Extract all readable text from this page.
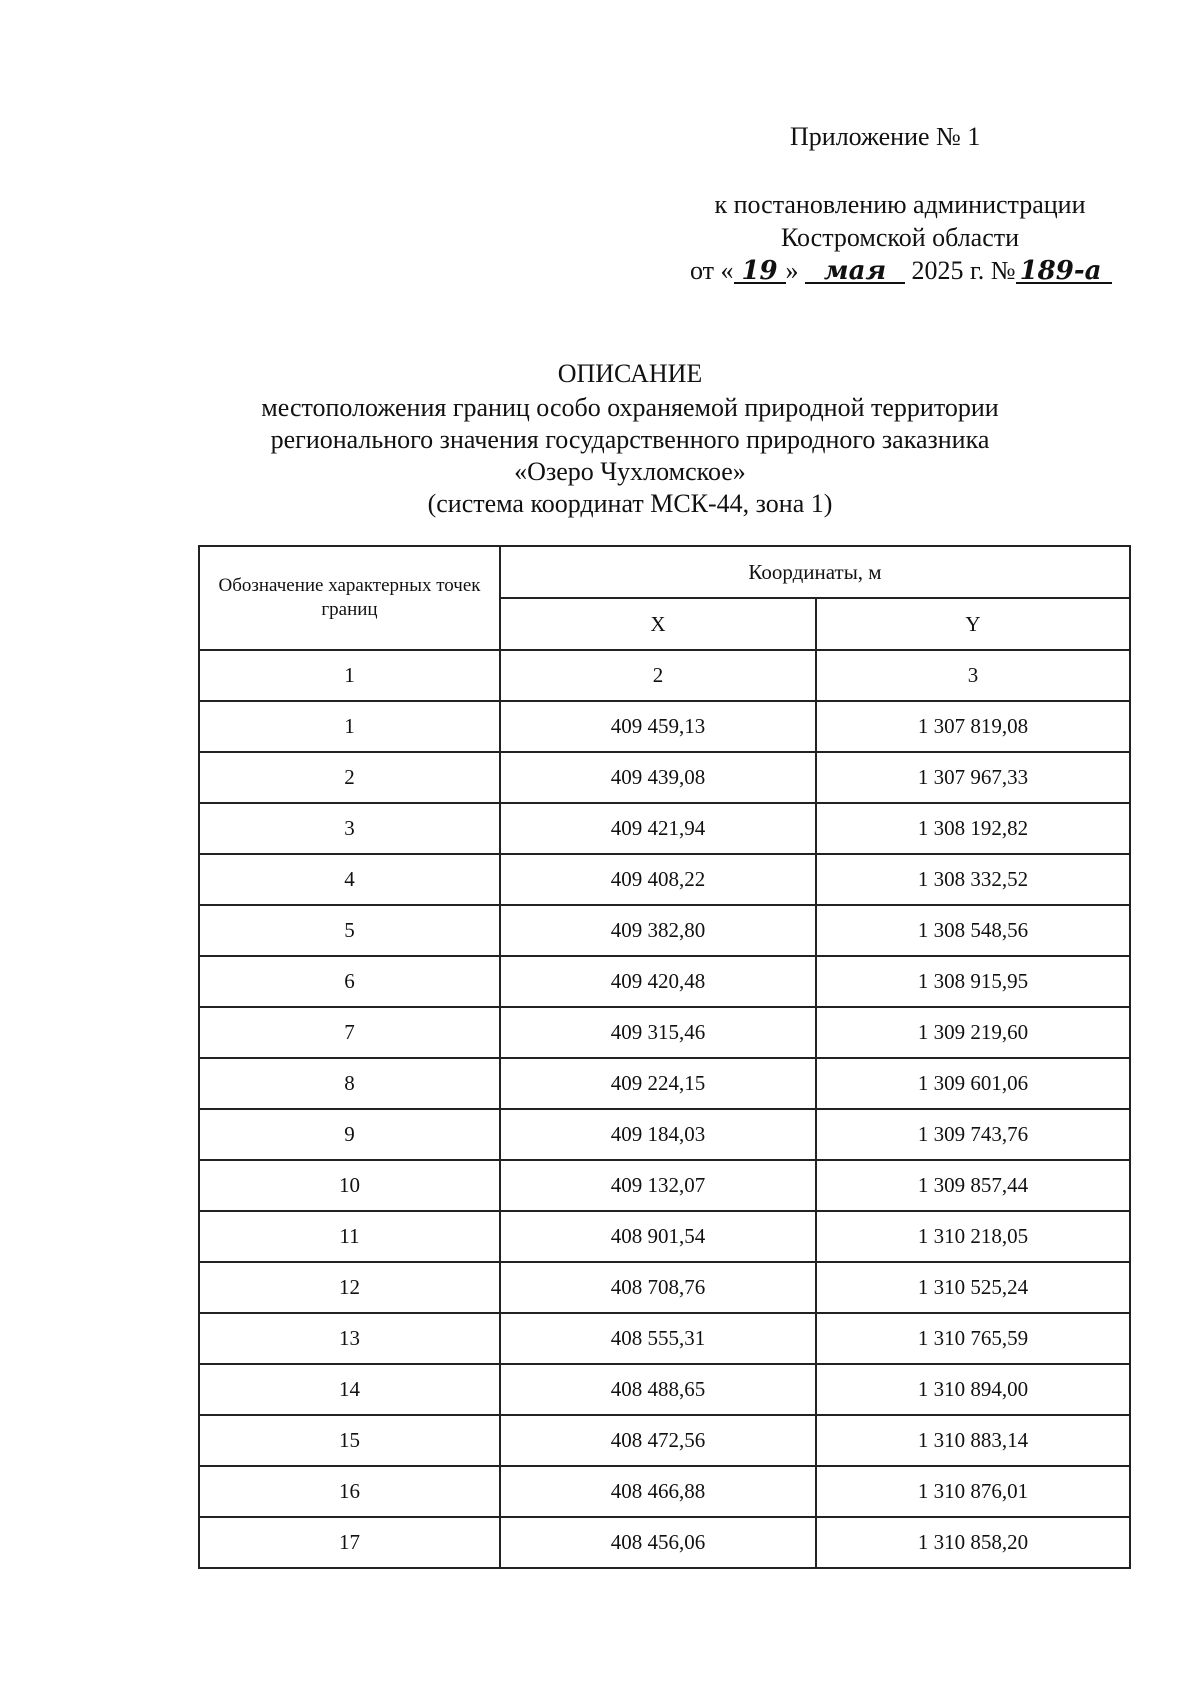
Приложение № 1
к постановлению администрации
Костромской области
от « 19 » мая 2025 г. № 189-а
ОПИСАНИЕ
местоположения границ особо охраняемой природной территории
регионального значения государственного природного заказника
«Озеро Чухломское»
(система координат МСК-44, зона 1)
Обозначение характерных точек границ	Координаты, м	
	X	Y
1	2	3
1	409 459,13	1 307 819,08
2	409 439,08	1 307 967,33
3	409 421,94	1 308 192,82
4	409 408,22	1 308 332,52
5	409 382,80	1 308 548,56
6	409 420,48	1 308 915,95
7	409 315,46	1 309 219,60
8	409 224,15	1 309 601,06
9	409 184,03	1 309 743,76
10	409 132,07	1 309 857,44
11	408 901,54	1 310 218,05
12	408 708,76	1 310 525,24
13	408 555,31	1 310 765,59
14	408 488,65	1 310 894,00
15	408 472,56	1 310 883,14
16	408 466,88	1 310 876,01
17	408 456,06	1 310 858,20
